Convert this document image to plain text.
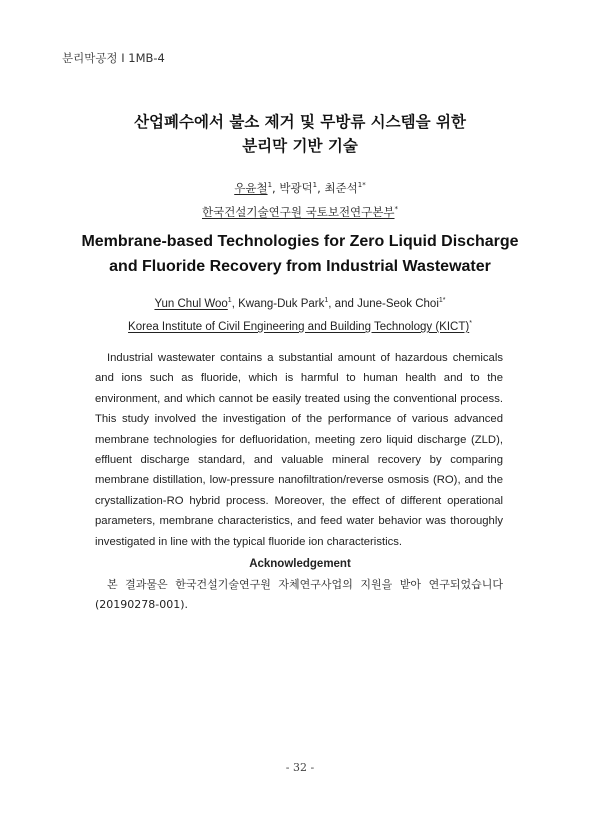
분리막공정 Ⅰ 1MB-4
산업폐수에서 불소 제거 및 무방류 시스템을 위한
분리막 기반 기술
우윤철$^1$, 박광덕$^1$, 최준석$^{1*}$
한국건설기술연구원 국토보전연구본부*
Membrane-based Technologies for Zero Liquid Discharge
and Fluoride Recovery from Industrial Wastewater
Yun Chul Woo$^1$, Kwang-Duk Park$^1$, and June-Seok Choi$^{1*}$
Korea Institute of Civil Engineering and Building Technology (KICT)*

Industrial wastewater contains a substantial amount of hazardous chemicals and ions such as fluoride, which is harmful to human health and to the environment, and which cannot be easily treated using the conventional process. This study involved the investigation of the performance of various advanced membrane technologies for defluoridation, meeting zero liquid discharge (ZLD), effluent discharge standard, and valuable mineral recovery by comparing membrane distillation, low-pressure nanofiltration/reverse osmosis (RO), and the crystallization-RO hybrid process. Moreover, the effect of different operational parameters, membrane characteristics, and feed water behavior was thoroughly investigated in line with the typical fluoride ion characteristics.

Acknowledgement

본 결과물은 한국건설기술연구원 자체연구사업의 지원을 받아 연구되었습니다 (20190278-001).

- 32 -
